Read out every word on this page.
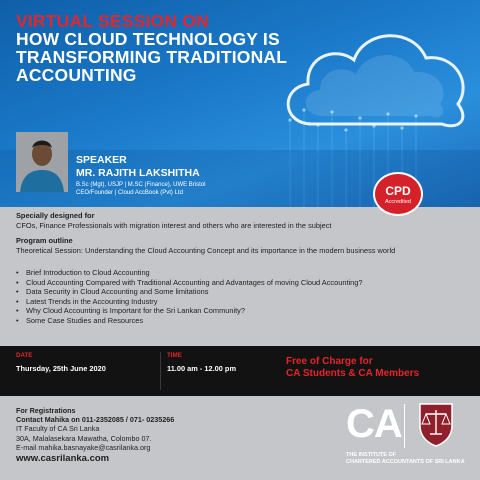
VIRTUAL SESSION ON
HOW CLOUD TECHNOLOGY IS
TRANSFORMING TRADITIONAL
ACCOUNTING
SPEAKER
MR. RAJITH LAKSHITHA
B.Sc (Mgt), USJP | M.SC (Finance), UWE Bristol
CEO/Founder | Cloud AccBook (Pvt) Ltd	CPD
Accredited
Specially designed for
CFOs, Finance Professionals with migration interest and others who are interested in the subject
Program outline
Theoretical Session: Understanding the Cloud Accounting Concept and its importance in the modern business world
• Brief Introduction to Cloud Accounting
• Cloud Accounting Compared with Traditional Accounting and Advantages of moving Cloud Accounting?
• Data Security in Cloud Accounting and Some limitations
• Latest Trends in the Accounting Industry
• Why Cloud Accounting is Important for the Sri Lankan Community?
• Some Case Studies and Resources
DATE
Thursday, 25th June 2020
TIME
11.00 am - 12.00 pm
Free of Charge for
CA Students & CA Members
For Registrations
Contact Mahika on 011-2352085 / 071- 0235266
IT Faculty of CA Sri Lanka
30A, Malalasekara Mawatha, Colombo 07.
E-mail mahika.basnayake@casrilanka.org
www.casrilanka.com
CA
THE INSTITUTE OF
CHARTERED ACCOUNTANTS OF SRI LANKA
